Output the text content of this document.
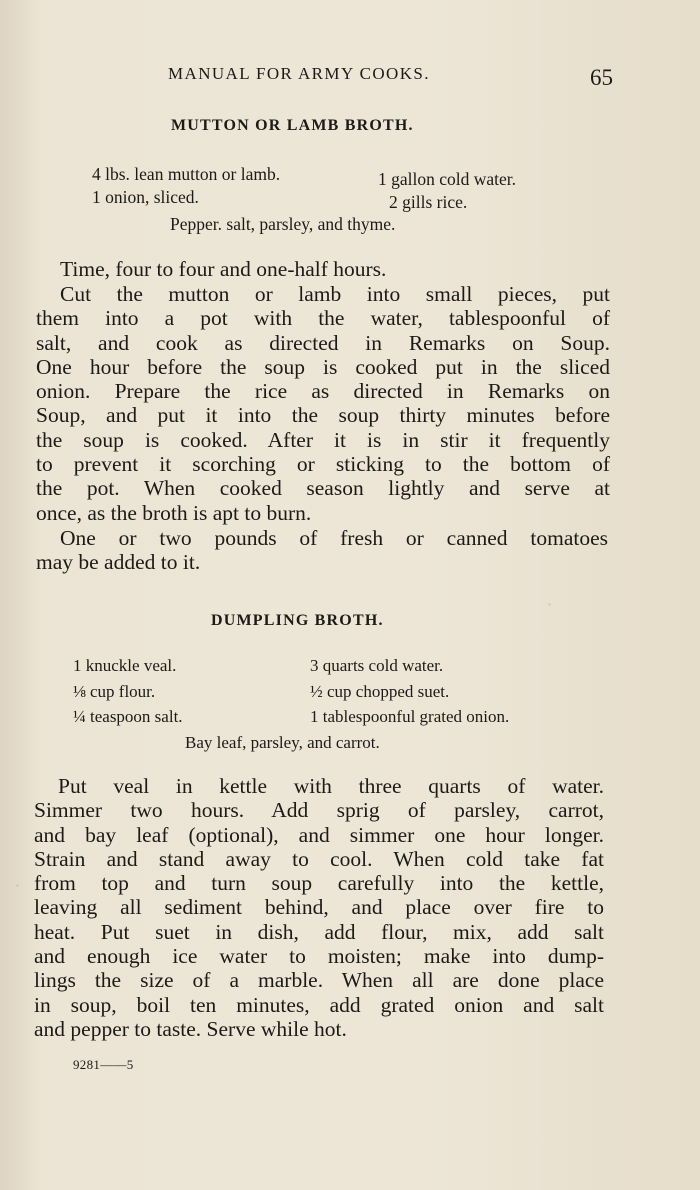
MANUAL FOR ARMY COOKS.	65
MUTTON OR LAMB BROTH.
4 lbs. lean mutton or lamb.	1 gallon cold water.
1 onion, sliced.	2 gills rice.
Pepper. salt, parsley, and thyme.
Time, four to four and one-half hours.
Cut the mutton or lamb into small pieces, put
them into a pot with the water, tablespoonful of
salt, and cook as directed in Remarks on Soup.
One hour before the soup is cooked put in the sliced
onion. Prepare the rice as directed in Remarks on
Soup, and put it into the soup thirty minutes before
the soup is cooked. After it is in stir it frequently
to prevent it scorching or sticking to the bottom of
the pot. When cooked season lightly and serve at
once, as the broth is apt to burn.
One or two pounds of fresh or canned tomatoes
may be added to it.
DUMPLING BROTH.
1 knuckle veal.	3 quarts cold water.
⅛ cup flour.	½ cup chopped suet.
¼ teaspoon salt.	1 tablespoonful grated onion.
Bay leaf, parsley, and carrot.
Put veal in kettle with three quarts of water.
Simmer two hours. Add sprig of parsley, carrot,
and bay leaf (optional), and simmer one hour longer.
Strain and stand away to cool. When cold take fat
from top and turn soup carefully into the kettle,
leaving all sediment behind, and place over fire to
heat. Put suet in dish, add flour, mix, add salt
and enough ice water to moisten; make into dump-
lings the size of a marble. When all are done place
in soup, boil ten minutes, add grated onion and salt
and pepper to taste. Serve while hot.
9281——5
